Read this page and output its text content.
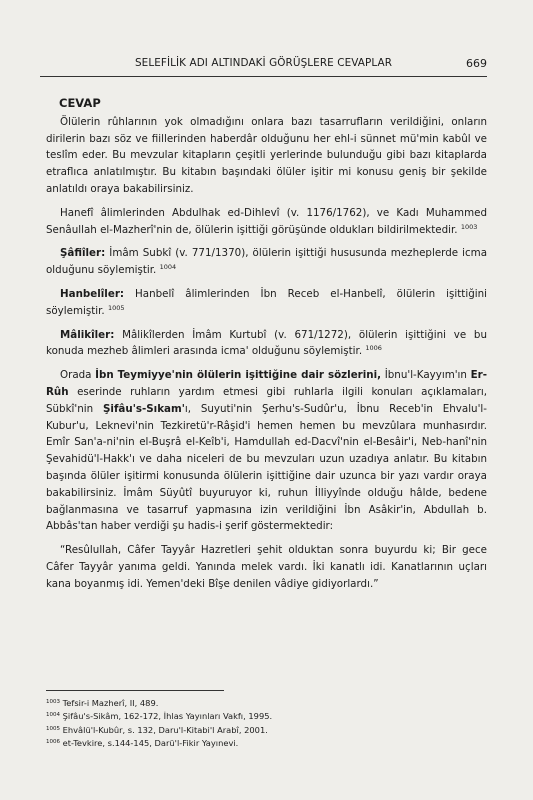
SELEFİLİK ADI ALTINDAKİ GÖRÜŞLERE CEVAPLAR	669
CEVAP

Ölülerin rûhlarının yok olmadığını onlara bazı tasarrufların verildiğini, onların dirilerin bazı söz ve fiillerinden haberdâr olduğunu her ehl-i sünnet mü'min kabûl ve teslîm eder. Bu mevzular kitapların çeşitli yerlerinde bulunduğu gibi bazı kitaplarda etraflıca anlatılmıştır. Bu kitabın başındaki ölüler işitir mi konusu geniş bir şekilde anlatıldı oraya bakabilirsiniz.

Hanefî âlimlerinden Abdulhak ed-Dihlevî (v. 1176/1762), ve Kadı Muhammed Senâullah el-Mazherî'nin de, ölülerin işittiği görüşünde oldukları bildirilmektedir. $^{1003}$

Şâfiîler: İmâm Subkî (v. 771/1370), ölülerin işittiği hususunda mezheplerde icma olduğunu söylemiştir. $^{1004}$

Hanbelîler: Hanbelî âlimlerinden İbn Receb el-Hanbelî, ölülerin işittiğini söylemiştir. $^{1005}$

Mâlikîler: Mâlikîlerden İmâm Kurtubî (v. 671/1272), ölülerin işittiğini ve bu konuda mezheb âlimleri arasında icma' olduğunu söylemiştir. $^{1006}$

Orada İbn Teymiyye'nin ölülerin işittiğine dair sözlerini, İbnu'l-Kayyım'ın Er-Rûh eserinde ruhların yardım etmesi gibi ruhlarla ilgili konuları açıklamaları, Sübkî'nin Şifâu's-Sıkam'ı, Suyuti'nin Şerhu's-Sudûr'u, İbnu Receb'in Ehvalu'l-Kubur'u, Leknevi'nin Tezkiretü'r-Râşid'i hemen hemen bu mevzûlara munhasırdır. Emîr San'a-ni'nin el-Buşrâ el-Keîb'i, Hamdullah ed-Dacvî'nin el-Besâir'i, Neb-hanî'nin Şevahidü'l-Hakk'ı ve daha niceleri de bu mevzuları uzun uzadıya anlatır. Bu kitabın başında ölüler işitirmi konusunda ölülerin işittiğine dair uzunca bir yazı vardır oraya bakabilirsiniz. İmâm Süyûtî buyuruyor ki, ruhun İlliyyînde olduğu hâlde, bedene bağlanmasına ve tasarruf yapmasına izin verildiğini İbn Asâkir'in, Abdullah b. Abbâs'tan haber verdiği şu hadis-i şerif göstermektedir:

“Resûlullah, Câfer Tayyâr Hazretleri şehit olduktan sonra buyurdu ki; Bir gece Câfer Tayyâr yanıma geldi. Yanında melek vardı. İki kanatlı idi. Kanatlarının uçları kana boyanmış idi. Yemen'deki Bîşe denilen vâdiye gidiyorlardı.”

$^{1003}$ Tefsir-i Mazherî, II, 489.
$^{1004}$ Şifâu's-Sikâm, 162-172, İhlas Yayınları Vakfı, 1995.
$^{1005}$ Ehvâlü'l-Kubûr, s. 132, Daru'l-Kitabi'l Arabî, 2001.
$^{1006}$ et-Tevkire, s.144-145, Darü'l-Fikir Yayınevi.
